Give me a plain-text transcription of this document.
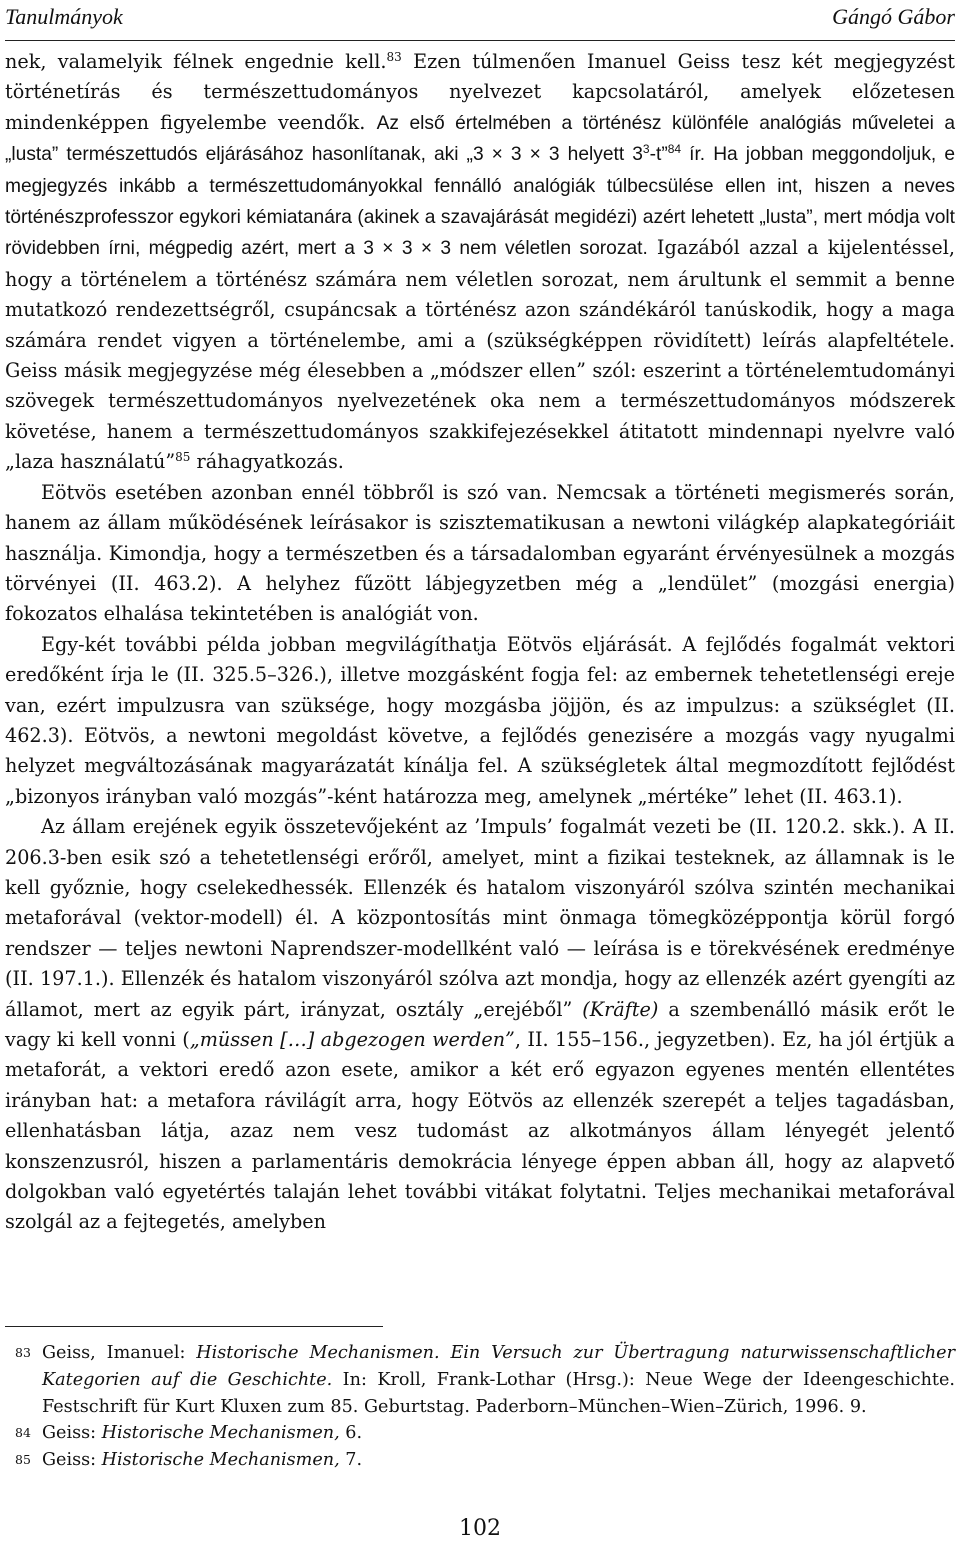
Tanulmányok	Gángó Gábor

nek, valamelyik félnek engednie kell.$^{83}$ Ezen túlmenően Imanuel Geiss tesz két megjegyzést történetírás és természettudományos nyelvezet kapcsolatáról, amelyek előzetesen mindenképpen figyelembe veendők. Az első értelmében a történész különféle analógiás műveletei a „lusta” természettudós eljárásához hasonlítanak, aki „3 × 3 × 3 helyett $3^3-t”^{84}$ ír. Ha jobban meggondoljuk, e megjegyzés inkább a természettudományokkal fennálló analógiák túlbecsülése ellen int, hiszen a neves történészprofesszor egykori kémiatanára (akinek a szavajárását megidézi) azért lehetett „lusta”, mert módja volt rövidebben írni, mégpedig azért, mert a 3 × 3 × 3 nem véletlen sorozat. Igazából azzal a kijelentéssel, hogy a történelem a történész számára nem véletlen sorozat, nem árultunk el semmit a benne mutatkozó rendezettségről, csupáncsak a történész azon szándékáról tanúskodik, hogy a maga számára rendet vigyen a történelembe, ami a (szükségképpen rövidített) leírás alapfeltétele. Geiss másik megjegyzése még élesebben a „módszer ellen” szól: eszerint a történelemtudományi szövegek természettudományos nyelvezetének oka nem a természettudományos módszerek követése, hanem a természettudományos szakkifejezésekkel átitatott mindennapi nyelvre való „laza használatú”$^{85}$ ráhagyatkozás.

Eötvös esetében azonban ennél többről is szó van. Nemcsak a történeti megismerés során, hanem az állam működésének leírásakor is szisztematikusan a newtoni világkép alapkategóriáit használja. Kimondja, hogy a természetben és a társadalomban egyaránt érvényesülnek a mozgás törvényei (II. 463.2). A helyhez fűzött lábjegyzetben még a „lendület” (mozgási energia) fokozatos elhalása tekintetében is analógiát von.

Egy-két további példa jobban megvilágíthatja Eötvös eljárását. A fejlődés fogalmát vektori eredőként írja le (II. 325.5–326.), illetve mozgásként fogja fel: az embernek tehetetlenségi ereje van, ezért impulzusra van szüksége, hogy mozgásba jöjjön, és az impulzus: a szükséglet (II. 462.3). Eötvös, a newtoni megoldást követve, a fejlődés genezisére a mozgás vagy nyugalmi helyzet megváltozásának magyarázatát kínálja fel. A szükségletek által megmozdított fejlődést „bizonyos irányban való mozgás”-ként határozza meg, amelynek „mértéke” lehet (II. 463.1).

Az állam erejének egyik összetevőjeként az ’Impuls’ fogalmát vezeti be (II. 120.2. skk.). A II. 206.3-ben esik szó a tehetetlenségi erőről, amelyet, mint a fizikai testeknek, az államnak is le kell győznie, hogy cselekedhessék. Ellenzék és hatalom viszonyáról szólva szintén mechanikai metaforával (vektor-modell) él. A központosítás mint önmaga tömegközéppontja körül forgó rendszer — teljes newtoni Naprendszer-modellként való — leírása is e törekvésének eredménye (II. 197.1.). Ellenzék és hatalom viszonyáról szólva azt mondja, hogy az ellenzék azért gyengíti az államot, mert az egyik párt, irányzat, osztály „erejéből” (Kräfte) a szembenálló másik erőt le vagy ki kell vonni („müssen […] abgezogen werden”, II. 155–156., jegyzetben). Ez, ha jól értjük a metaforát, a vektori eredő azon esete, amikor a két erő egyazon egyenes mentén ellentétes irányban hat: a metafora rávilágít arra, hogy Eötvös az ellenzék szerepét a teljes tagadásban, ellenhatásban látja, azaz nem vesz tudomást az alkotmányos állam lényegét jelentő konszenzusról, hiszen a parlamentáris demokrácia lényege éppen abban áll, hogy az alapvető dolgokban való egyetértés talaján lehet további vitákat folytatni. Teljes mechanikai metaforával szolgál az a fejtegetés, amelyben

83 Geiss, Imanuel: Historische Mechanismen. Ein Versuch zur Übertragung naturwissenschaftlicher Kategorien auf die Geschichte. In: Kroll, Frank-Lothar (Hrsg.): Neue Wege der Ideengeschichte. Festschrift für Kurt Kluxen zum 85. Geburtstag. Paderborn–München–Wien–Zürich, 1996. 9.
84 Geiss: Historische Mechanismen, 6.
85 Geiss: Historische Mechanismen, 7.
102
